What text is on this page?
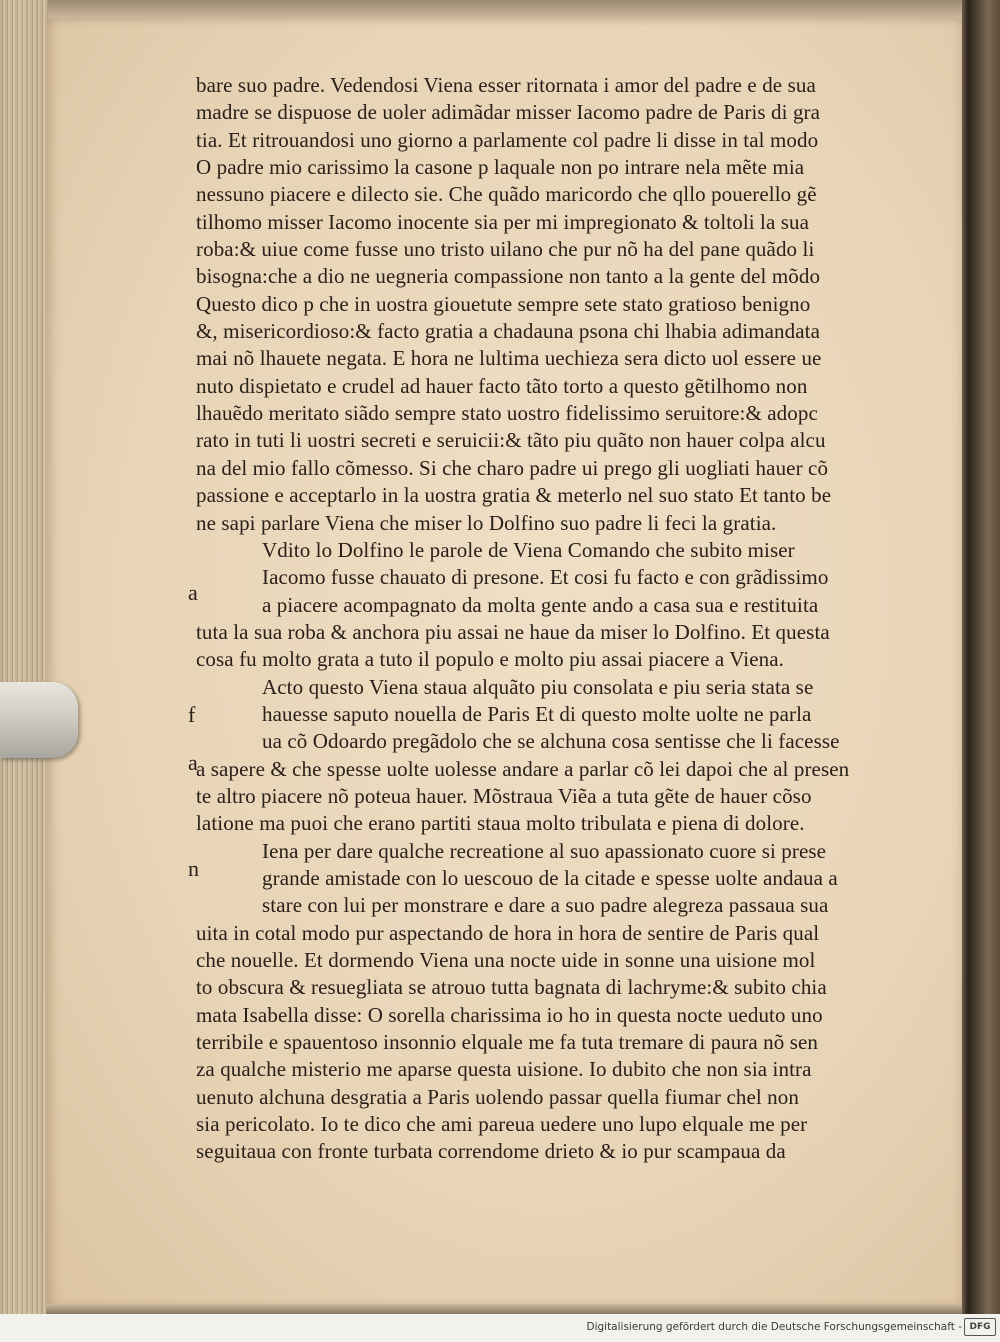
bare suo padre. Vedendosi Viena esser ritornata i amor del padre e de sua
madre se dispuose de uoler adimãdar misser Iacomo padre de Paris di gra
tia. Et ritrouandosi uno giorno a parlamente col padre li disse in tal modo
O padre mio carissimo la casone p laquale non po intrare nela mẽte mia
nessuno piacere e dilecto sie. Che quãdo maricordo che qllo pouerello gẽ
tilhomo misser Iacomo inocente sia per mi impregionato & toltoli la sua
roba:& uiue come fusse uno tristo uilano che pur nõ ha del pane quãdo li
bisogna:che a dio ne uegneria compassione non tanto a la gente del mõdo
Questo dico p che in uostra giouetute sempre sete stato gratioso benigno
&, misericordioso:& facto gratia a chadauna psona chi lhabia adimandata
mai nõ lhauete negata. E hora ne lultima uechieza sera dicto uol essere ue
nuto dispietato e crudel ad hauer facto tãto torto a questo gẽtilhomo non
lhauẽdo meritato siãdo sempre stato uostro fidelissimo seruitore:& adopc
rato in tuti li uostri secreti e seruicii:& tãto piu quãto non hauer colpa alcu
na del mio fallo cõmesso. Si che charo padre ui prego gli uogliati hauer cõ
passione e acceptarlo in la uostra gratia & meterlo nel suo stato Et tanto be
ne sapi parlare Viena che miser lo Dolfino suo padre li feci la gratia.
Vdito lo Dolfino le parole de Viena Comando che subito miser
Iacomo fusse chauato di presone. Et cosi fu facto e con grãdissimo
a piacere acompagnato da molta gente ando a casa sua e restituita
tuta la sua roba & anchora piu assai ne haue da miser lo Dolfino. Et questa
cosa fu molto grata a tuto il populo e molto piu assai piacere a Viena.
Acto questo Viena staua alquãto piu consolata e piu seria stata se
hauesse saputo nouella de Paris Et di questo molte uolte ne parla
ua cõ Odoardo pregãdolo che se alchuna cosa sentisse che li facesse
a sapere & che spesse uolte uolesse andare a parlar cõ lei dapoi che al presen
te altro piacere nõ poteua hauer. Mõstraua Viẽa a tuta gẽte de hauer cõso
latione ma puoi che erano partiti staua molto tribulata e piena di dolore.
Iena per dare qualche recreatione al suo apassionato cuore si prese
grande amistade con lo uescouo de la citade e spesse uolte andaua a
stare con lui per monstrare e dare a suo padre alegreza passaua sua
uita in cotal modo pur aspectando de hora in hora de sentire de Paris qual
che nouelle. Et dormendo Viena una nocte uide in sonne una uisione mol
to obscura & resuegliata se atrouo tutta bagnata di lachryme:& subito chia
mata Isabella disse: O sorella charissima io ho in questa nocte ueduto uno
terribile e spauentoso insonnio elquale me fa tuta tremare di paura nõ sen
za qualche misterio me aparse questa uisione. Io dubito che non sia intra
uenuto alchuna desgratia a Paris uolendo passar quella fiumar chel non
sia pericolato. Io te dico che ami pareua uedere uno lupo elquale me per
seguitaua con fronte turbata correndome drieto & io pur scampaua da
a
f
a
n
Digitalisierung gefördert durch die Deutsche Forschungsgemeinschaft - DFG
